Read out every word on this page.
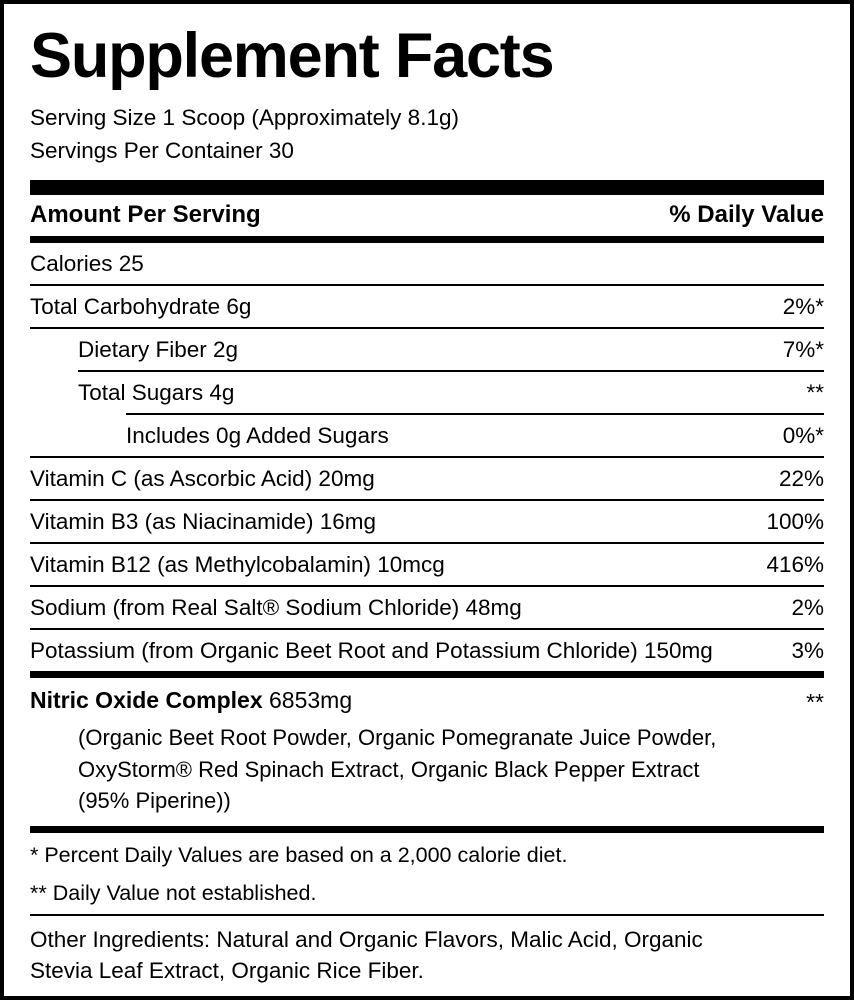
Supplement Facts
Serving Size 1 Scoop (Approximately 8.1g)
Servings Per Container 30
Amount Per Serving	% Daily Value
Calories 25
Total Carbohydrate 6g	2%*
Dietary Fiber 2g	7%*
Total Sugars 4g	**
Includes 0g Added Sugars	0%*
Vitamin C (as Ascorbic Acid) 20mg	22%
Vitamin B3 (as Niacinamide) 16mg	100%
Vitamin B12 (as Methylcobalamin) 10mcg	416%
Sodium (from Real Salt® Sodium Chloride) 48mg	2%
Potassium (from Organic Beet Root and Potassium Chloride) 150mg	3%
Nitric Oxide Complex 6853mg	**
(Organic Beet Root Powder, Organic Pomegranate Juice Powder,
OxyStorm® Red Spinach Extract, Organic Black Pepper Extract
(95% Piperine))
* Percent Daily Values are based on a 2,000 calorie diet.
** Daily Value not established.
Other Ingredients: Natural and Organic Flavors, Malic Acid, Organic
Stevia Leaf Extract, Organic Rice Fiber.
